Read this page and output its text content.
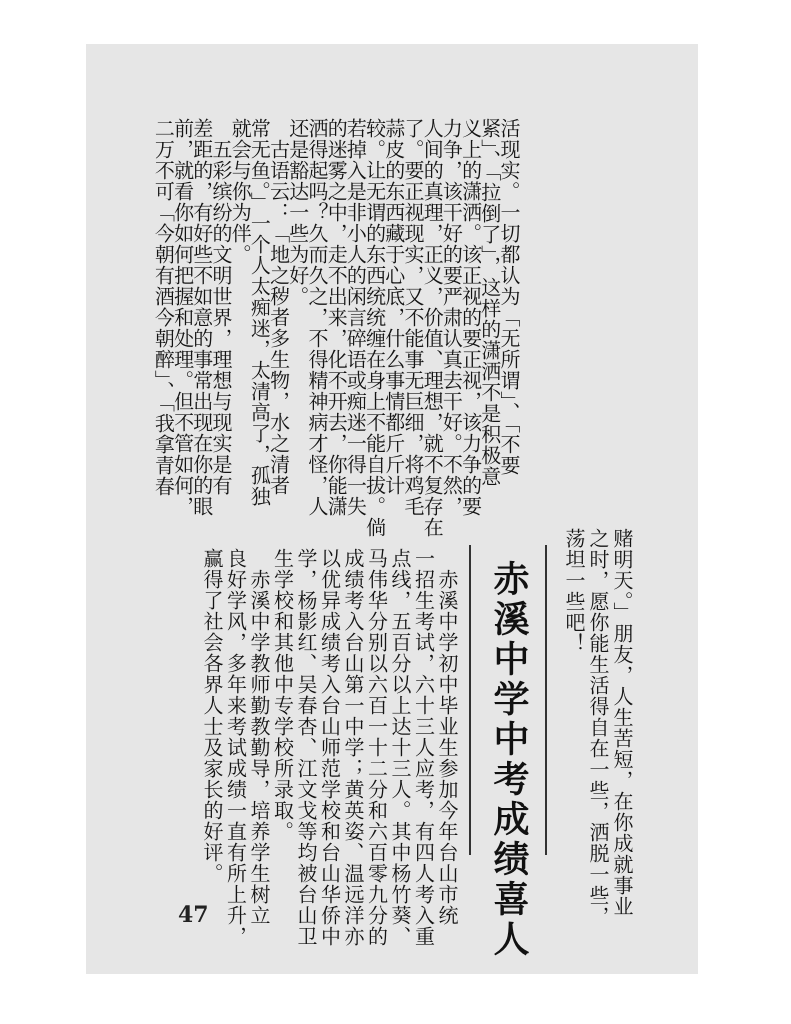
活现实。一切都认为「无所谓」、「不要
紧」、「拉倒了」，这样的潇洒不是积极意
义上的潇洒。该正视的要正视，该力争的要
力争，该干好的要严肃认真去干好。不然，
人间的真理，正义，价值、理想，就不复存在
了。要正视现实，又不能事无巨细，将鸡毛
蒜皮的东西藏于心底，什么事情都斤斤计
较。让无谓的东西统统缠在身上不能自拔。倘
若掉入是非小人的闲言碎语或痴迷一得一失
的迷雾之中，走不出来，化不开去，你能潇
洒得起吗？久而久之，不得精神病才怪，人
还是豁达一些为好。
　古语云：「地之秽者多生物，水之清者
常无鱼。」一个人太痴迷，太清高了，孤独
就会与你为伴。
　五彩缤纷的文明世界，理想与现实是有
差距的，有好些不如意的事常出现在你的眼
前，就看你如何把握和处理。但不管如何，
二万不可「今朝有酒今朝醉」、「我拿青春
赌明天。」朋友，人生苦短，在你成就事业
之时，愿你能生活得自在一些，洒脱一些，
荡坦一些吧！
赤溪中学中考成绩喜人
　赤溪中学初中毕业生参加今年台山市统
一招生考试，六十三人应考，有四人考入重
点线，五百分以上达十三人。其中杨竹葵、
马伟华分别以六百一十二分和六百零九分的
成绩考入台山第一中学；黄英姿、温远洋亦
以优异成绩考入台山师范学校和台山华侨中
学，杨影红、吴春杏、江文戈等均被台山卫
生学校和其他中专学校所录取。
　赤溪中学教师勤教勤导，培养学生树立
良好学风，多年来考试成绩一直有所上升，
赢得了社会各界人士及家长的好评。
47
